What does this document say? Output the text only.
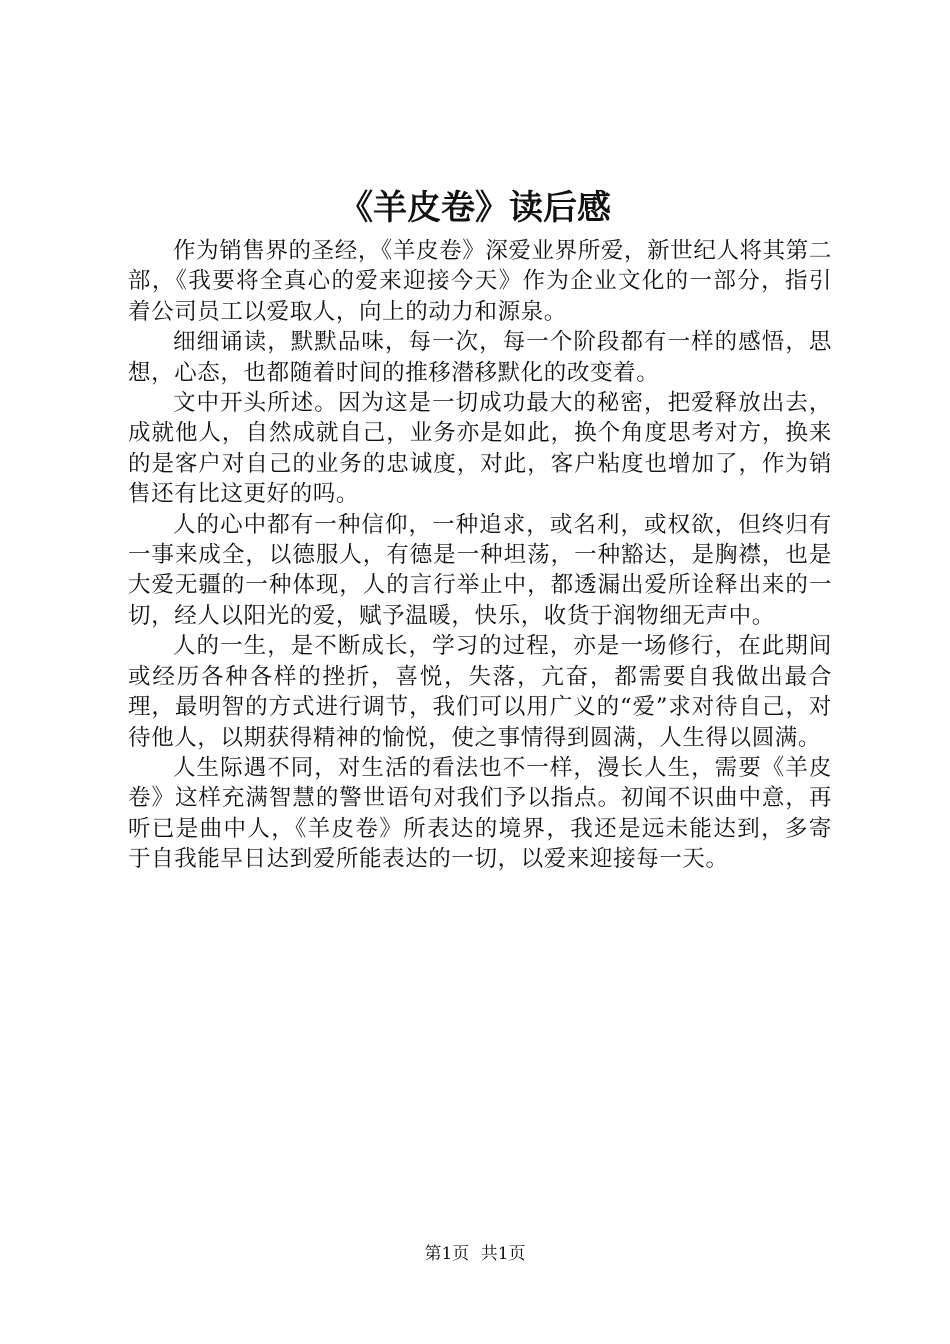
《羊皮卷》读后感

作为销售界的圣经，《羊皮卷》深爱业界所爱，新世纪人将其第二部，《我要将全真心的爱来迎接今天》作为企业文化的一部分，指引着公司员工以爱取人，向上的动力和源泉。

细细诵读，默默品味，每一次，每一个阶段都有一样的感悟，思想，心态，也都随着时间的推移潜移默化的改变着。

文中开头所述。因为这是一切成功最大的秘密，把爱释放出去，成就他人，自然成就自己，业务亦是如此，换个角度思考对方，换来的是客户对自己的业务的忠诚度，对此，客户粘度也增加了，作为销售还有比这更好的吗。

人的心中都有一种信仰，一种追求，或名利，或权欲，但终归有一事来成全，以德服人，有德是一种坦荡，一种豁达，是胸襟，也是大爱无疆的一种体现，人的言行举止中，都透漏出爱所诠释出来的一切，经人以阳光的爱，赋予温暖，快乐，收货于润物细无声中。

人的一生，是不断成长，学习的过程，亦是一场修行，在此期间或经历各种各样的挫折，喜悦，失落，亢奋，都需要自我做出最合理，最明智的方式进行调节，我们可以用广义的“爱”求对待自己，对待他人，以期获得精神的愉悦，使之事情得到圆满，人生得以圆满。

人生际遇不同，对生活的看法也不一样，漫长人生，需要《羊皮卷》这样充满智慧的警世语句对我们予以指点。初闻不识曲中意，再听已是曲中人，《羊皮卷》所表达的境界，我还是远未能达到，多寄于自我能早日达到爱所能表达的一切，以爱来迎接每一天。

第1页 共1页
